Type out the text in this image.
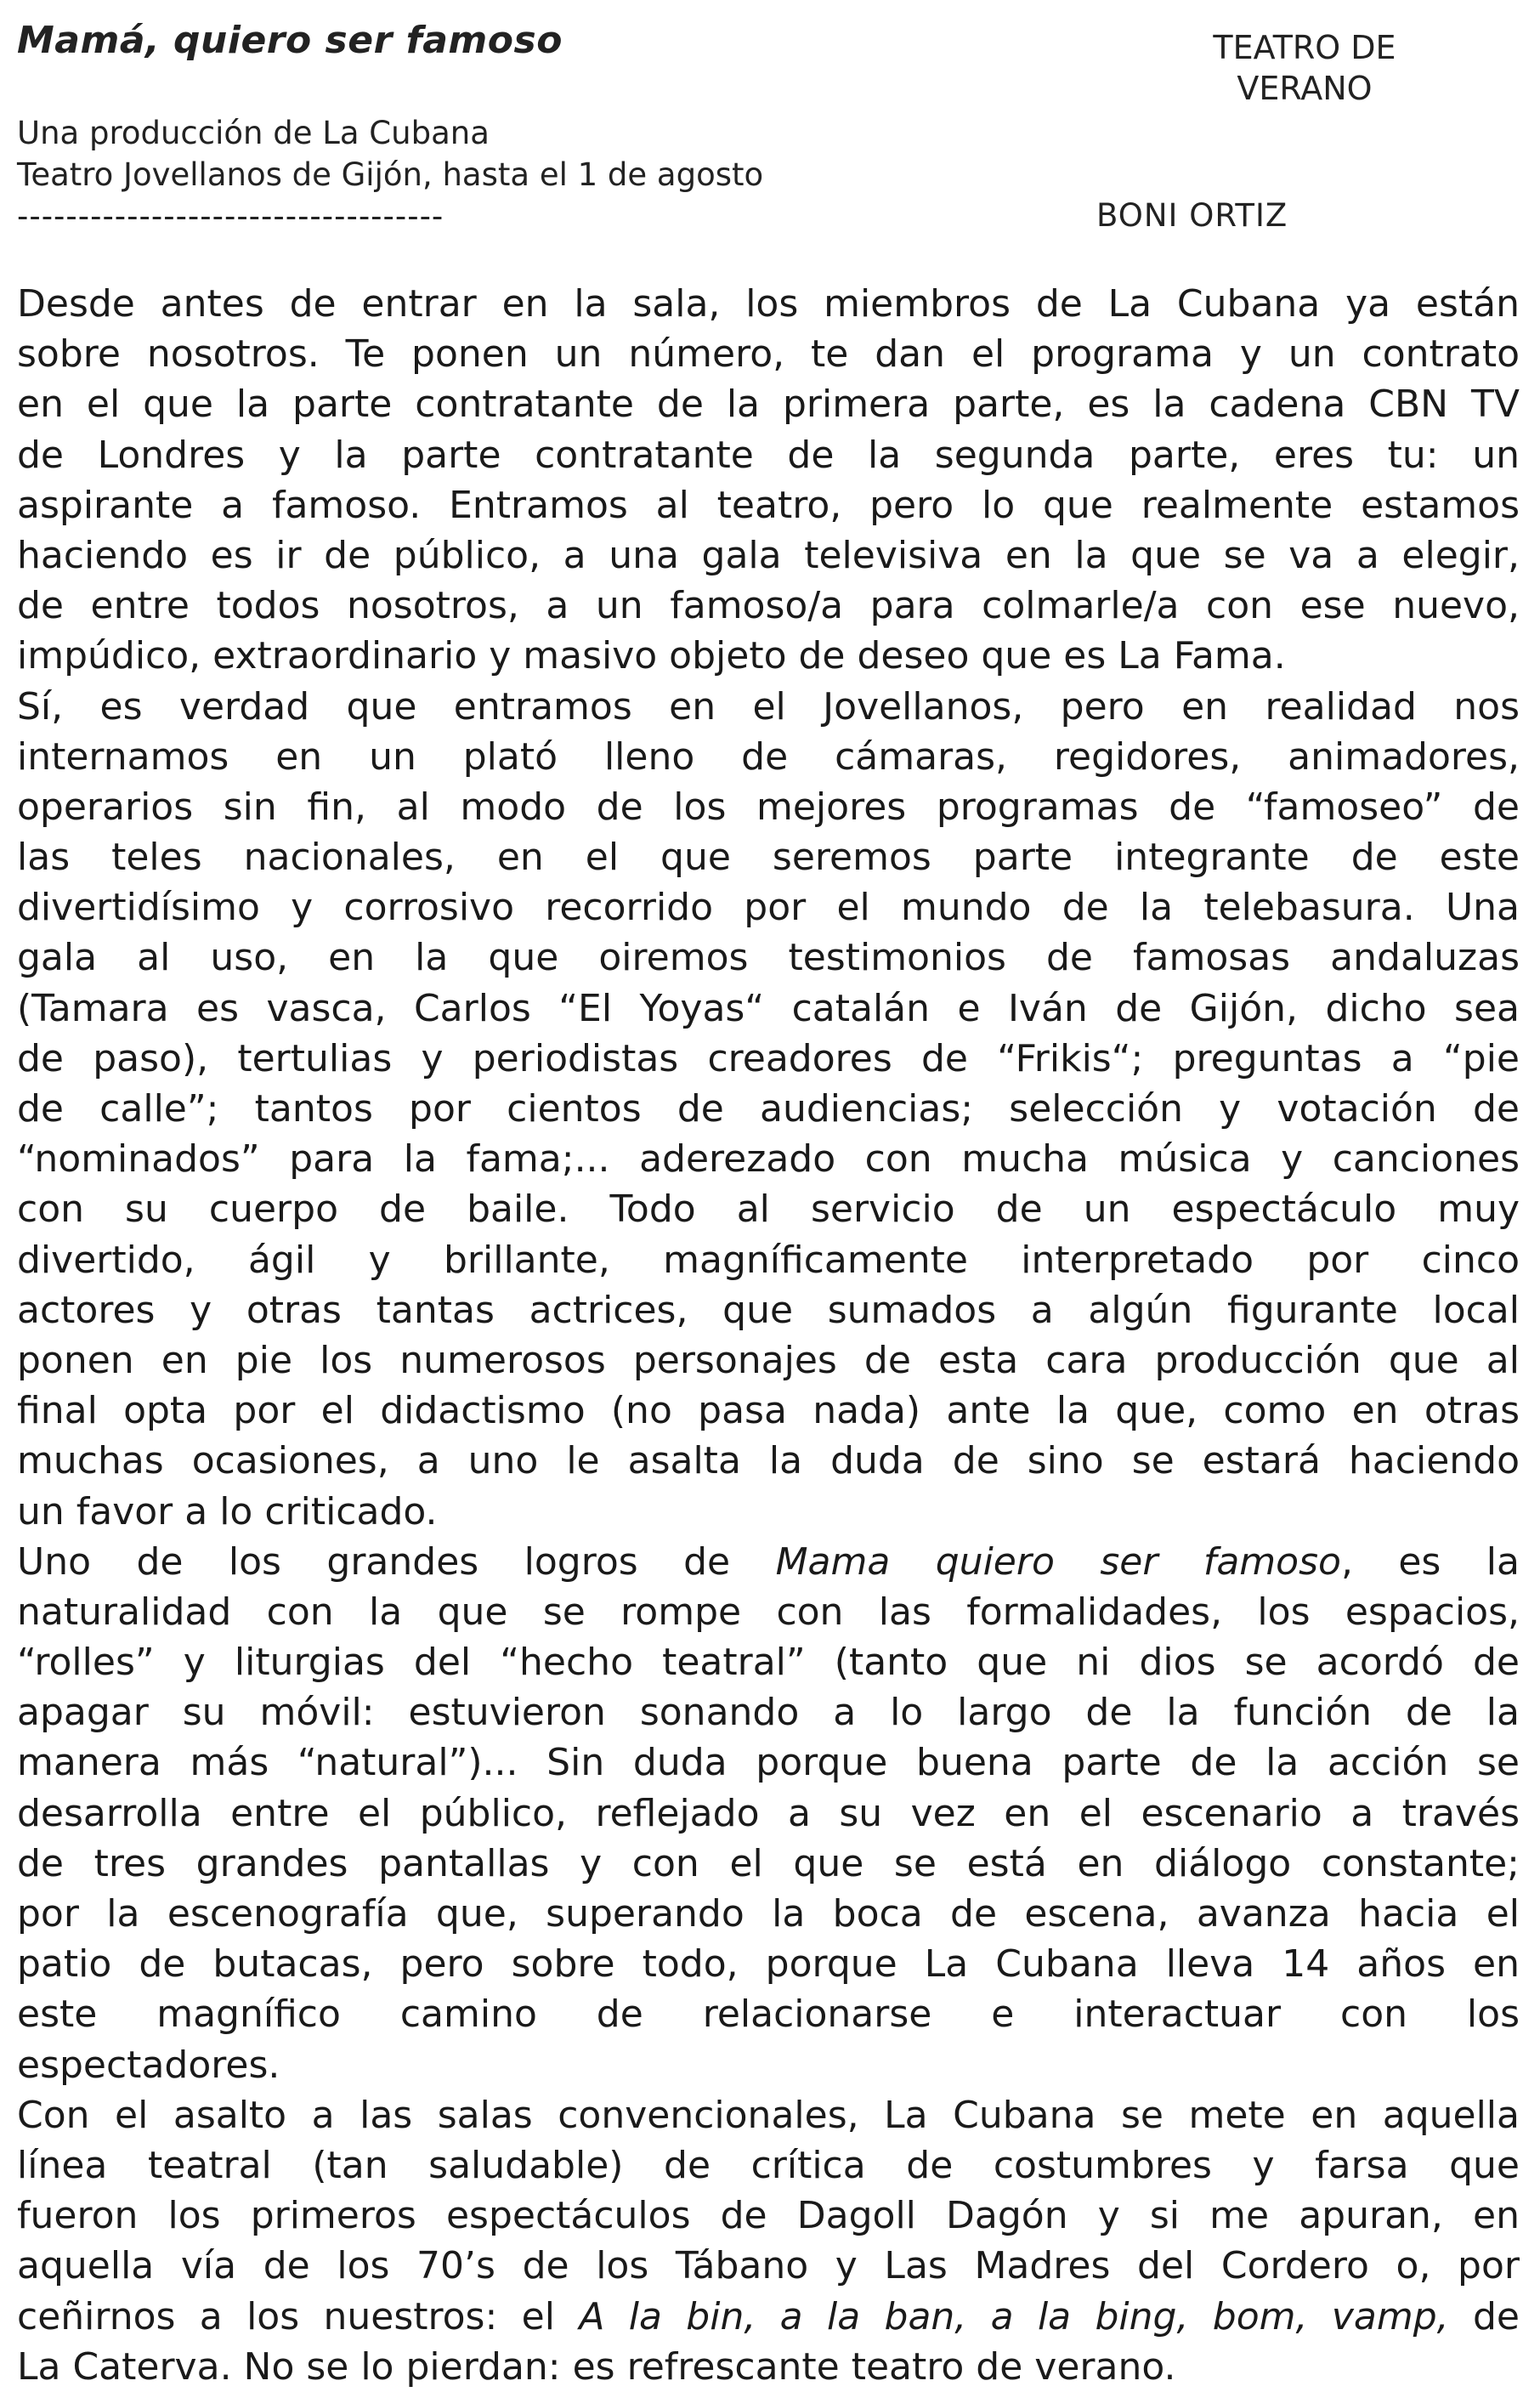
Mamá, quiero ser famoso	TEATRO DE
VERANO
Una producción de La Cubana
Teatro Jovellanos de Gijón, hasta el 1 de agosto
-----------------------------------	BONI ORTIZ
Desde antes de entrar en la sala, los miembros de La Cubana ya están
sobre nosotros. Te ponen un número, te dan el programa y un contrato
en el que la parte contratante de la primera parte, es la cadena CBN TV
de Londres y la parte contratante de la segunda parte, eres tu: un
aspirante a famoso. Entramos al teatro, pero lo que realmente estamos
haciendo es ir de público, a una gala televisiva en la que se va a elegir,
de entre todos nosotros, a un famoso/a para colmarle/a con ese nuevo,
impúdico, extraordinario y masivo objeto de deseo que es La Fama.
Sí, es verdad que entramos en el Jovellanos, pero en realidad nos
internamos en un plató lleno de cámaras, regidores, animadores,
operarios sin fin, al modo de los mejores programas de “famoseo” de
las teles nacionales, en el que seremos parte integrante de este
divertidísimo y corrosivo recorrido por el mundo de la telebasura. Una
gala al uso, en la que oiremos testimonios de famosas andaluzas
(Tamara es vasca, Carlos “El Yoyas“ catalán e Iván de Gijón, dicho sea
de paso), tertulias y periodistas creadores de “Frikis“; preguntas a “pie
de calle”; tantos por cientos de audiencias; selección y votación de
“nominados” para la fama;... aderezado con mucha música y canciones
con su cuerpo de baile. Todo al servicio de un espectáculo muy
divertido, ágil y brillante, magníficamente interpretado por cinco
actores y otras tantas actrices, que sumados a algún figurante local
ponen en pie los numerosos personajes de esta cara producción que al
final opta por el didactismo (no pasa nada) ante la que, como en otras
muchas ocasiones, a uno le asalta la duda de sino se estará haciendo
un favor a lo criticado.
Uno de los grandes logros de Mama quiero ser famoso, es la
naturalidad con la que se rompe con las formalidades, los espacios,
“rolles” y liturgias del “hecho teatral” (tanto que ni dios se acordó de
apagar su móvil: estuvieron sonando a lo largo de la función de la
manera más “natural”)... Sin duda porque buena parte de la acción se
desarrolla entre el público, reflejado a su vez en el escenario a través
de tres grandes pantallas y con el que se está en diálogo constante;
por la escenografía que, superando la boca de escena, avanza hacia el
patio de butacas, pero sobre todo, porque La Cubana lleva 14 años en
este magnífico camino de relacionarse e interactuar con los
espectadores.
Con el asalto a las salas convencionales, La Cubana se mete en aquella
línea teatral (tan saludable) de crítica de costumbres y farsa que
fueron los primeros espectáculos de Dagoll Dagón y si me apuran, en
aquella vía de los 70’s de los Tábano y Las Madres del Cordero o, por
ceñirnos a los nuestros: el A la bin, a la ban, a la bing, bom, vamp, de
La Caterva. No se lo pierdan: es refrescante teatro de verano.
